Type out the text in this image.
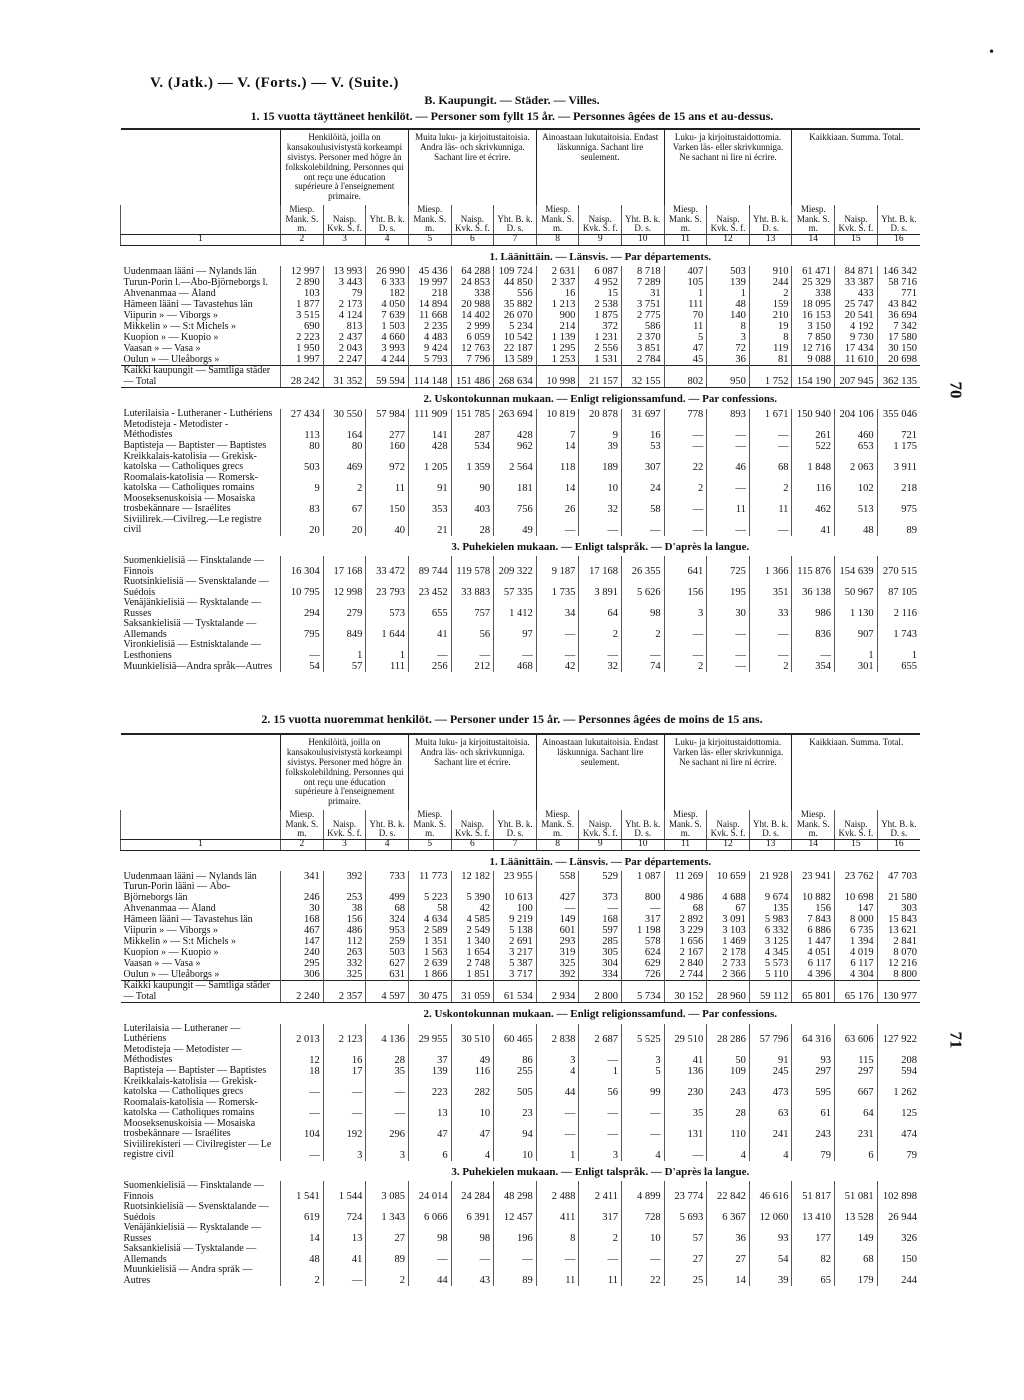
•
V. (Jatk.) — V. (Forts.) — V. (Suite.)
B. Kaupungit. — Städer. — Villes.
1. 15 vuotta täyttäneet henkilöt. — Personer som fyllt 15 år. — Personnes âgées de 15 ans et au-dessus.
70
	Henkilöitä, joilla on kansakoulusivistystä korkeampi sivistys. Personer med högre än folkskolebildning. Personnes qui ont reçu une éducation supérieure à l'enseignement primaire.			Muita luku- ja kirjoitustaitoisia. Andra läs- och skrivkunniga. Sachant lire et écrire.			Ainoastaan lukutaitoisia. Endast läskunniga. Sachant lire seulement.			Luku- ja kirjoitustaidottomia. Varken läs- eller skrivkunniga. Ne sachant ni lire ni écrire.			Kaikkiaan. Summa. Total.		
	Miesp. Mank. S. m.	Naisp. Kvk. S. f.	Yht. B. k. D. s.	Miesp. Mank. S. m.	Naisp. Kvk. S. f.	Yht. B. k. D. s.	Miesp. Mank. S. m.	Naisp. Kvk. S. f.	Yht. B. k. D. s.	Miesp. Mank. S. m.	Naisp. Kvk. S. f.	Yht. B. k. D. s.	Miesp. Mank. S. m.	Naisp. Kvk. S. f.	Yht. B. k. D. s.
1	2	3	4	5	6	7	8	9	10	11	12	13	14	15	16
	1. Läänittäin. — Länsvis. — Par départements.														
Uudenmaan lääni — Nylands län	12 997	13 993	26 990	45 436	64 288	109 724	2 631	6 087	8 718	407	503	910	61 471	84 871	146 342
Turun-Porin l.—Åbo-Björneborgs l.	2 890	3 443	6 333	19 997	24 853	44 850	2 337	4 952	7 289	105	139	244	25 329	33 387	58 716
Ahvenanmaa — Åland	103	79	182	218	338	556	16	15	31	1	1	2	338	433	771
Hämeen lääni — Tavastehus län	1 877	2 173	4 050	14 894	20 988	35 882	1 213	2 538	3 751	111	48	159	18 095	25 747	43 842
Viipurin » — Viborgs »	3 515	4 124	7 639	11 668	14 402	26 070	900	1 875	2 775	70	140	210	16 153	20 541	36 694
Mikkelin » — S:t Michels »	690	813	1 503	2 235	2 999	5 234	214	372	586	11	8	19	3 150	4 192	7 342
Kuopion » — Kuopio »	2 223	2 437	4 660	4 483	6 059	10 542	1 139	1 231	2 370	5	3	8	7 850	9 730	17 580
Vaasan » — Vasa »	1 950	2 043	3 993	9 424	12 763	22 187	1 295	2 556	3 851	47	72	119	12 716	17 434	30 150
Oulun » — Uleåborgs »	1 997	2 247	4 244	5 793	7 796	13 589	1 253	1 531	2 784	45	36	81	9 088	11 610	20 698
Kaikki kaupungit — Samtliga städer — Total	28 242	31 352	59 594	114 148	151 486	268 634	10 998	21 157	32 155	802	950	1 752	154 190	207 945	362 135
	2. Uskontokunnan mukaan. — Enligt religionssamfund. — Par confessions.														
Luterilaisia - Lutheraner - Luthériens	27 434	30 550	57 984	111 909	151 785	263 694	10 819	20 878	31 697	778	893	1 671	150 940	204 106	355 046
Metodisteja - Metodister - Méthodistes	113	164	277	141	287	428	7	9	16	—	—	—	261	460	721
Baptisteja — Baptister — Baptistes	80	80	160	428	534	962	14	39	53	—	—	—	522	653	1 175
Kreikkalais-katolisia — Grekisk-katolska — Catholiques grecs	503	469	972	1 205	1 359	2 564	118	189	307	22	46	68	1 848	2 063	3 911
Roomalais-katolisia — Romersk-katolska — Catholiques romains	9	2	11	91	90	181	14	10	24	2	—	2	116	102	218
Mooseksenuskoisia — Mosaiska trosbekännare — Israélites	83	67	150	353	403	756	26	32	58	—	11	11	462	513	975
Siviilirek.—Civilreg.—Le registre civil	20	20	40	21	28	49	—	—	—	—	—	—	41	48	89
	3. Puhekielen mukaan. — Enligt talspråk. — D'après la langue.														
Suomenkielisiä — Finsktalande — Finnois	16 304	17 168	33 472	89 744	119 578	209 322	9 187	17 168	26 355	641	725	1 366	115 876	154 639	270 515
Ruotsinkielisiä — Svensktalande — Suédois	10 795	12 998	23 793	23 452	33 883	57 335	1 735	3 891	5 626	156	195	351	36 138	50 967	87 105
Venäjänkielisiä — Rysktalande — Russes	294	279	573	655	757	1 412	34	64	98	3	30	33	986	1 130	2 116
Saksankielisiä — Tysktalande — Allemands	795	849	1 644	41	56	97	—	2	2	—	—	—	836	907	1 743
Vironkielisiä — Estnisktalande — Lesthoniens	—	1	1	—	—	—	—	—	—	—	—	—	—	1	1
Muunkielisiä—Andra språk—Autres	54	57	111	256	212	468	42	32	74	2	—	2	354	301	655
2. 15 vuotta nuoremmat henkilöt. — Personer under 15 år. — Personnes âgées de moins de 15 ans.
71
	Henkilöitä, joilla on kansakoulusivistystä korkeampi sivistys. Personer med högre än folkskolebildning. Personnes qui ont reçu une éducation supérieure à l'enseignement primaire.			Muita luku- ja kirjoitustaitoisia. Andra läs- och skrivkunniga. Sachant lire et écrire.			Ainoastaan lukutaitoisia. Endast läskunniga. Sachant lire seulement.			Luku- ja kirjoitustaidottomia. Varken läs- eller skrivkunniga. Ne sachant ni lire ni écrire.			Kaikkiaan. Summa. Total.		
	Miesp. Mank. S. m.	Naisp. Kvk. S. f.	Yht. B. k. D. s.	Miesp. Mank. S. m.	Naisp. Kvk. S. f.	Yht. B. k. D. s.	Miesp. Mank. S. m.	Naisp. Kvk. S. f.	Yht. B. k. D. s.	Miesp. Mank. S. m.	Naisp. Kvk. S. f.	Yht. B. k. D. s.	Miesp. Mank. S. m.	Naisp. Kvk. S. f.	Yht. B. k. D. s.
1	2	3	4	5	6	7	8	9	10	11	12	13	14	15	16
	1. Läänittäin. — Länsvis. — Par départements.														
Uudenmaan lääni — Nylands län	341	392	733	11 773	12 182	23 955	558	529	1 087	11 269	10 659	21 928	23 941	23 762	47 703
Turun-Porin lääni — Åbo-Björneborgs län	246	253	499	5 223	5 390	10 613	427	373	800	4 986	4 688	9 674	10 882	10 698	21 580
Ahvenanmaa — Åland	30	38	68	58	42	100	—	—	—	68	67	135	156	147	303
Hämeen lääni — Tavastehus län	168	156	324	4 634	4 585	9 219	149	168	317	2 892	3 091	5 983	7 843	8 000	15 843
Viipurin » — Viborgs »	467	486	953	2 589	2 549	5 138	601	597	1 198	3 229	3 103	6 332	6 886	6 735	13 621
Mikkelin » — S:t Michels »	147	112	259	1 351	1 340	2 691	293	285	578	1 656	1 469	3 125	1 447	1 394	2 841
Kuopion » — Kuopio »	240	263	503	1 563	1 654	3 217	319	305	624	2 167	2 178	4 345	4 051	4 019	8 070
Vaasan » — Vasa »	295	332	627	2 639	2 748	5 387	325	304	629	2 840	2 733	5 573	6 117	6 117	12 216
Oulun » — Uleåborgs »	306	325	631	1 866	1 851	3 717	392	334	726	2 744	2 366	5 110	4 396	4 304	8 800
Kaikki kaupungit — Samtliga städer — Total	2 240	2 357	4 597	30 475	31 059	61 534	2 934	2 800	5 734	30 152	28 960	59 112	65 801	65 176	130 977
	2. Uskontokunnan mukaan. — Enligt religionssamfund. — Par confessions.														
Luterilaisia — Lutheraner — Luthériens	2 013	2 123	4 136	29 955	30 510	60 465	2 838	2 687	5 525	29 510	28 286	57 796	64 316	63 606	127 922
Metodisteja — Metodister — Méthodistes	12	16	28	37	49	86	3	—	3	41	50	91	93	115	208
Baptisteja — Baptister — Baptistes	18	17	35	139	116	255	4	1	5	136	109	245	297	297	594
Kreikkalais-katolisia — Grekisk-katolska — Catholiques grecs	—	—	—	223	282	505	44	56	99	230	243	473	595	667	1 262
Roomalais-katolisia — Romersk-katolska — Catholiques romains	—	—	—	13	10	23	—	—	—	35	28	63	61	64	125
Mooseksenuskoisia — Mosaiska trosbekännare — Israélites	104	192	296	47	47	94	—	—	—	131	110	241	243	231	474
Siviilirekisteri — Civilregister — Le registre civil	—	3	3	6	4	10	1	3	4	—	4	4	79	6	79
	3. Puhekielen mukaan. — Enligt talspråk. — D'après la langue.														
Suomenkielisiä — Finsktalande — Finnois	1 541	1 544	3 085	24 014	24 284	48 298	2 488	2 411	4 899	23 774	22 842	46 616	51 817	51 081	102 898
Ruotsinkielisiä — Svensktalande — Suédois	619	724	1 343	6 066	6 391	12 457	411	317	728	5 693	6 367	12 060	13 410	13 528	26 944
Venäjänkielisiä — Rysktalande — Russes	14	13	27	98	98	196	8	2	10	57	36	93	177	149	326
Saksankielisiä — Tysktalande — Allemands	48	41	89	—	—	—	—	—	—	27	27	54	82	68	150
Muunkielisiä — Andra språk — Autres	2	—	2	44	43	89	11	11	22	25	14	39	65	179	244
